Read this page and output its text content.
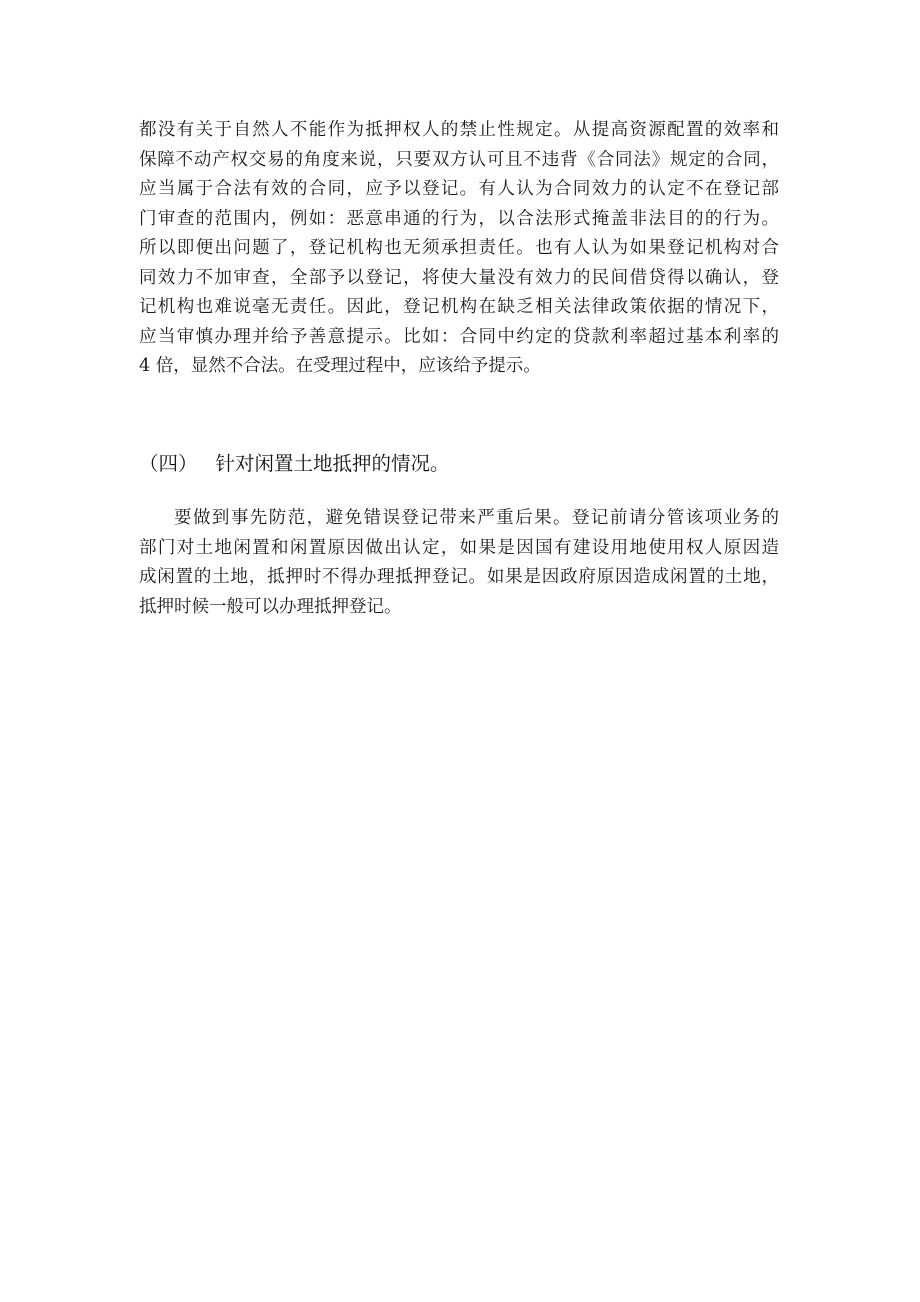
都没有关于自然人不能作为抵押权人的禁止性规定。从提高资源配置的效率和
保障不动产权交易的角度来说，只要双方认可且不违背《合同法》规定的合同，
应当属于合法有效的合同，应予以登记。有人认为合同效力的认定不在登记部
门审查的范围内，例如：恶意串通的行为，以合法形式掩盖非法目的的行为。
所以即便出问题了，登记机构也无须承担责任。也有人认为如果登记机构对合
同效力不加审查，全部予以登记，将使大量没有效力的民间借贷得以确认，登
记机构也难说毫无责任。因此，登记机构在缺乏相关法律政策依据的情况下，
应当审慎办理并给予善意提示。比如：合同中约定的贷款利率超过基本利率的
4 倍，显然不合法。在受理过程中，应该给予提示。
（四） 针对闲置土地抵押的情况。
要做到事先防范，避免错误登记带来严重后果。登记前请分管该项业务的
部门对土地闲置和闲置原因做出认定，如果是因国有建设用地使用权人原因造
成闲置的土地，抵押时不得办理抵押登记。如果是因政府原因造成闲置的土地，
抵押时候一般可以办理抵押登记。
